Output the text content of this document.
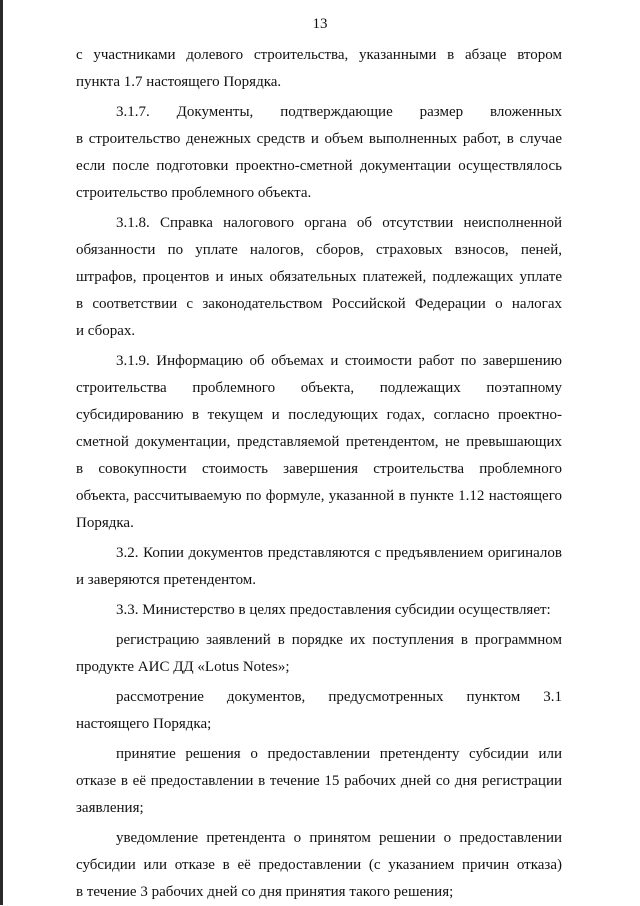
13
с участниками долевого строительства, указанными в абзаце втором
пункта 1.7 настоящего Порядка.
3.1.7. Документы, подтверждающие размер вложенных
в строительство денежных средств и объем выполненных работ, в случае
если после подготовки проектно-сметной документации осуществлялось
строительство проблемного объекта.
3.1.8. Справка налогового органа об отсутствии неисполненной
обязанности по уплате налогов, сборов, страховых взносов, пеней,
штрафов, процентов и иных обязательных платежей, подлежащих уплате
в соответствии с законодательством Российской Федерации о налогах
и сборах.
3.1.9. Информацию об объемах и стоимости работ по завершению
строительства проблемного объекта, подлежащих поэтапному
субсидированию в текущем и последующих годах, согласно проектно-
сметной документации, представляемой претендентом, не превышающих
в совокупности стоимость завершения строительства проблемного
объекта, рассчитываемую по формуле, указанной в пункте 1.12 настоящего
Порядка.
3.2. Копии документов представляются с предъявлением оригиналов
и заверяются претендентом.
3.3. Министерство в целях предоставления субсидии осуществляет:
регистрацию заявлений в порядке их поступления в программном
продукте АИС ДД «Lotus Notes»;
рассмотрение документов, предусмотренных пунктом 3.1
настоящего Порядка;
принятие решения о предоставлении претенденту субсидии или
отказе в её предоставлении в течение 15 рабочих дней со дня регистрации
заявления;
уведомление претендента о принятом решении о предоставлении
субсидии или отказе в её предоставлении (с указанием причин отказа)
в течение 3 рабочих дней со дня принятия такого решения;
